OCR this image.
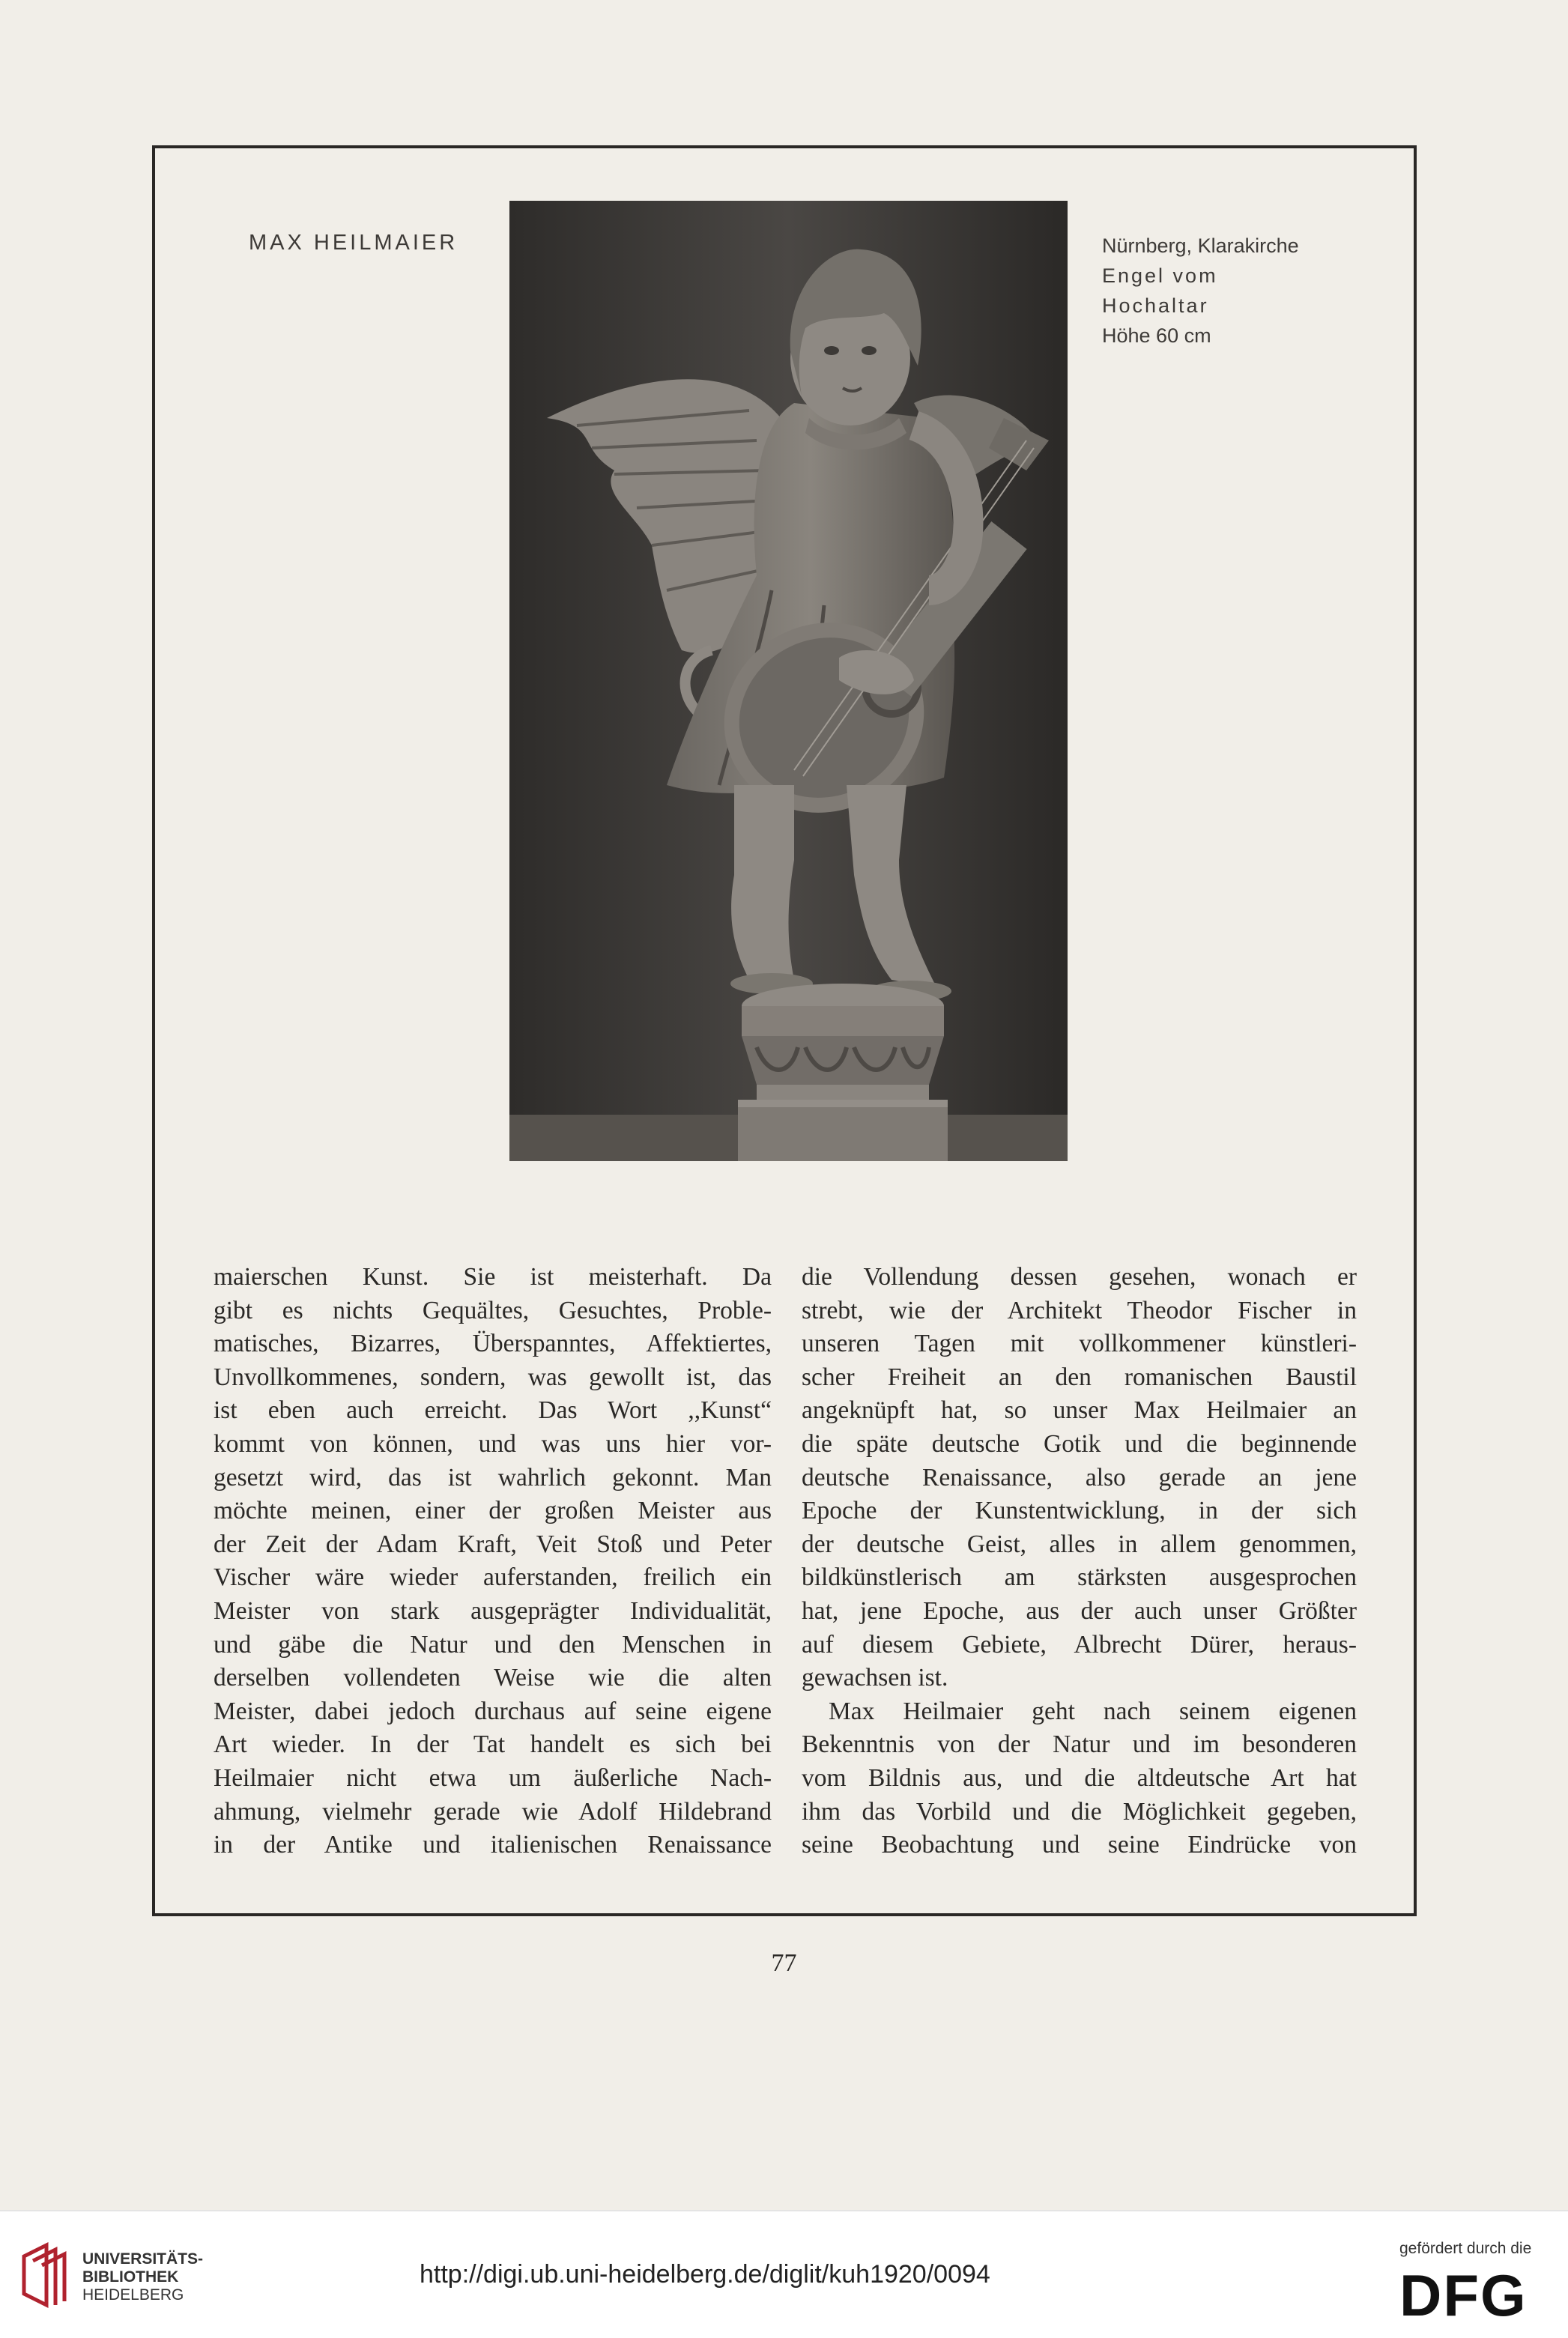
MAX HEILMAIER	Nürnberg, Klarakirche
Engel vom
Hochaltar
Höhe 60 cm
maierschen Kunst. Sie ist meisterhaft. Da
gibt es nichts Gequältes, Gesuchtes, Proble-
matisches, Bizarres, Überspanntes, Affektiertes,
Unvollkommenes, sondern, was gewollt ist, das
ist eben auch erreicht. Das Wort ,,Kunst“
kommt von können, und was uns hier vor-
gesetzt wird, das ist wahrlich gekonnt. Man
möchte meinen, einer der großen Meister aus
der Zeit der Adam Kraft, Veit Stoß und Peter
Vischer wäre wieder auferstanden, freilich ein
Meister von stark ausgeprägter Individualität,
und gäbe die Natur und den Menschen in
derselben vollendeten Weise wie die alten
Meister, dabei jedoch durchaus auf seine eigene
Art wieder. In der Tat handelt es sich bei
Heilmaier nicht etwa um äußerliche Nach-
ahmung, vielmehr gerade wie Adolf Hildebrand
in der Antike und italienischen Renaissance
die Vollendung dessen gesehen, wonach er
strebt, wie der Architekt Theodor Fischer in
unseren Tagen mit vollkommener künstleri-
scher Freiheit an den romanischen Baustil
angeknüpft hat, so unser Max Heilmaier an
die späte deutsche Gotik und die beginnende
deutsche Renaissance, also gerade an jene
Epoche der Kunstentwicklung, in der sich
der deutsche Geist, alles in allem genommen,
bildkünstlerisch am stärksten ausgesprochen
hat, jene Epoche, aus der auch unser Größter
auf diesem Gebiete, Albrecht Dürer, heraus-
gewachsen ist.
Max Heilmaier geht nach seinem eigenen
Bekenntnis von der Natur und im besonderen
vom Bildnis aus, und die altdeutsche Art hat
ihm das Vorbild und die Möglichkeit gegeben,
seine Beobachtung und seine Eindrücke von
77
UNIVERSITÄTS-
BIBLIOTHEK
HEIDELBERG
http://digi.ub.uni-heidelberg.de/diglit/kuh1920/0094
gefördert durch die
DFG
